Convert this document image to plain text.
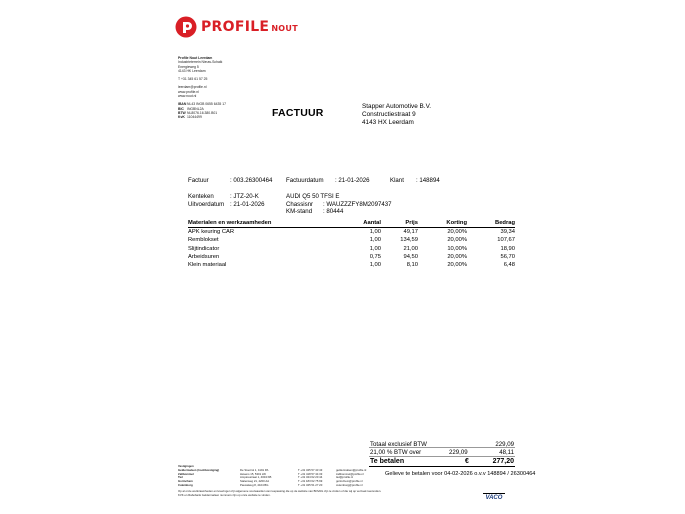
PROFILE NOUT
Profile Nout Leerdam
Industrieterrein Nieuw-Schaik
Energieweg 5
4143 HK Leerdam
T +31 345 61 57 25
leerdam@profile.nl
www.profile.nl
www.nout.nl
IBANNL43 INGB 0655 6435 17
BIC INGBNL2A
BTWNL8076.16.380.B01
KvK 11044499	FACTUUR
Stapper Automotive B.V.
Constructiestraat 9
4143 HX Leerdam
Factuur	: 003.26300464 Factuurdatum : 21-01-2026	Klant : 148894
Kenteken	: JTZ-20-K	AUDI Q5 50 TFSI E
Uitvoerdatum : 21-01-2026	Chassisnr : WAUZZZFY8M2097437
KM-stand : 80444
Materialen en werkzaamheden	Aantal	Prijs	Korting	Bedrag
APK keuring CAR	1,00	49,17	20,00%	39,34
Remblokset	1,00	134,59	20,00%	107,67
Slijtindicator	1,00	21,00	10,00%	18,90
Arbeidsuren	0,75	94,50	20,00%	56,70
Klein materiaal	1,00	8,10	20,00%	6,48
Totaal exclusief BTW	229,09
21,00 % BTW over	229,09	48,11
Te betalen	€	277,20
Gelieve te betalen voor 04-02-2026 o.v.v 148894 / 26300464
Vestigingen
Geldermalsen (hoofdvestiging)	De Stootrol 1, 4191 PA	T +31 345 57 43 43	geldermalsen@profile.nl
Zaltbommel	Havens 15, 5301 LW	T +31 418 57 44 33	zaltbommel@profile.nl
Tiel	Ampèrestraat 1, 4004 KB	T +31 344 62 20 44	tiel@profile.nl
Gorinchem	Stalenweg 21, 4200 AA	T +31 183 62 75 99	gorinchem@profile.nl
Culemborg	Pascalweg 8, 4104 BG	T +31 345 51 27 20	culemborg@profile.nl
Op al onze werkzaamheden en leveringen zijn algemene voorwaarden van toepassing die op de website van BOVAG zijn te vinden of die wij op verzoek toezenden.
KVK en Rabobank Geldermalsen nummers zijn op onze website te vinden.
VACO
